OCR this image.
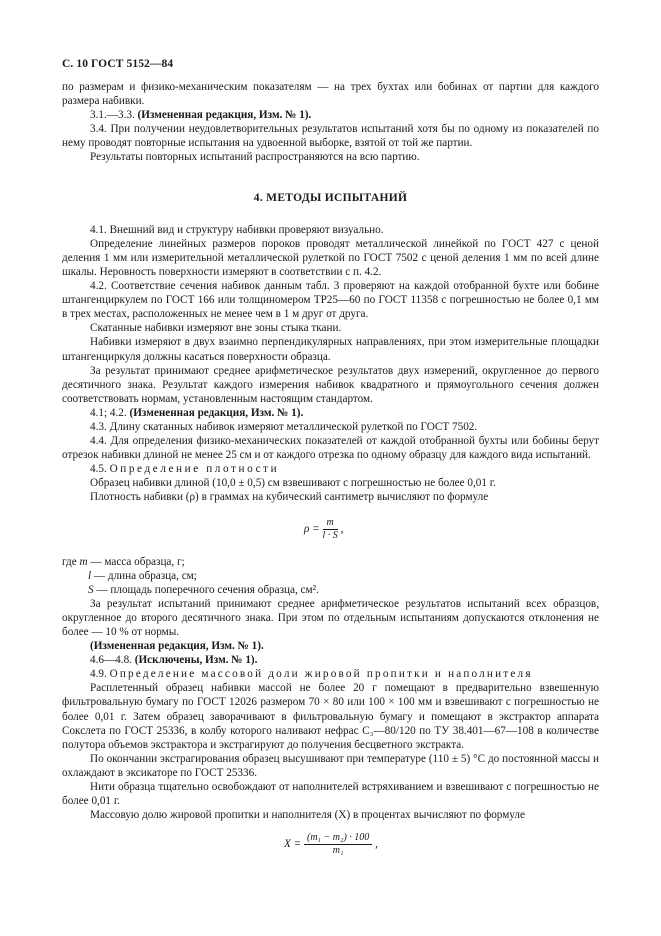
С. 10 ГОСТ 5152—84

по размерам и физико-механическим показателям — на трех бухтах или бобинах от партии для каждого размера набивки.

3.1.—3.3. (Измененная редакция, Изм. № 1).

3.4. При получении неудовлетворительных результатов испытаний хотя бы по одному из показателей по нему проводят повторные испытания на удвоенной выборке, взятой от той же партии.

Результаты повторных испытаний распространяются на всю партию.

4. МЕТОДЫ ИСПЫТАНИЙ

4.1. Внешний вид и структуру набивки проверяют визуально.

Определение линейных размеров пороков проводят металлической линейкой по ГОСТ 427 с ценой деления 1 мм или измерительной металлической рулеткой по ГОСТ 7502 с ценой деления 1 мм по всей длине шкалы. Неровность поверхности измеряют в соответствии с п. 4.2.

4.2. Соответствие сечения набивок данным табл. 3 проверяют на каждой отобранной бухте или бобине штангенциркулем по ГОСТ 166 или толщиномером ТР25—60 по ГОСТ 11358 с погрешностью не более 0,1 мм в трех местах, расположенных не менее чем в 1 м друг от друга.

Скатанные набивки измеряют вне зоны стыка ткани.

Набивки измеряют в двух взаимно перпендикулярных направлениях, при этом измерительные площадки штангенциркуля должны касаться поверхности образца.

За результат принимают среднее арифметическое результатов двух измерений, округленное до первого десятичного знака. Результат каждого измерения набивок квадратного и прямоугольного сечения должен соответствовать нормам, установленным настоящим стандартом.

4.1; 4.2. (Измененная редакция, Изм. № 1).

4.3. Длину скатанных набивок измеряют металлической рулеткой по ГОСТ 7502.

4.4. Для определения физико-механических показателей от каждой отобранной бухты или бобины берут отрезок набивки длиной не менее 25 см и от каждого отрезка по одному образцу для каждого вида испытаний.

4.5. Определение плотности

Образец набивки длиной (10,0 ± 0,5) см взвешивают с погрешностью не более 0,01 г.

Плотность набивки (ρ) в граммах на кубический сантиметр вычисляют по формуле

$\rho = \frac{m}{l \cdot S}$ ,

где m — масса образца, г;

l — длина образца, см;

S — площадь поперечного сечения образца, см².

За результат испытаний принимают среднее арифметическое результатов испытаний всех образцов, округленное до второго десятичного знака. При этом по отдельным испытаниям допускаются отклонения не более — 10 % от нормы.

(Измененная редакция, Изм. № 1).

4.6—4.8. (Исключены, Изм. № 1).

4.9. Определение массовой доли жировой пропитки и наполнителя

Расплетенный образец набивки массой не более 20 г помещают в предварительно взвешенную фильтровальную бумагу по ГОСТ 12026 размером 70 × 80 или 100 × 100 мм и взвешивают с погрешностью не более 0,01 г. Затем образец заворачивают в фильтровальную бумагу и помещают в экстрактор аппарата Сокслета по ГОСТ 25336, в колбу которого наливают нефрас С₃—80/120 по ТУ 38.401—67—108 в количестве полутора объемов экстрактора и экстрагируют до получения бесцветного экстракта.

По окончании экстрагирования образец высушивают при температуре (110 ± 5) °С до постоянной массы и охлаждают в эксикаторе по ГОСТ 25336.

Нити образца тщательно освобождают от наполнителей встряхиванием и взвешивают с погрешностью не более 0,01 г.

Массовую долю жировой пропитки и наполнителя (X) в процентах вычисляют по формуле

$X = \frac{\text{(m₁ − m₂) · 100}}{\text{m₁}}$ ,
